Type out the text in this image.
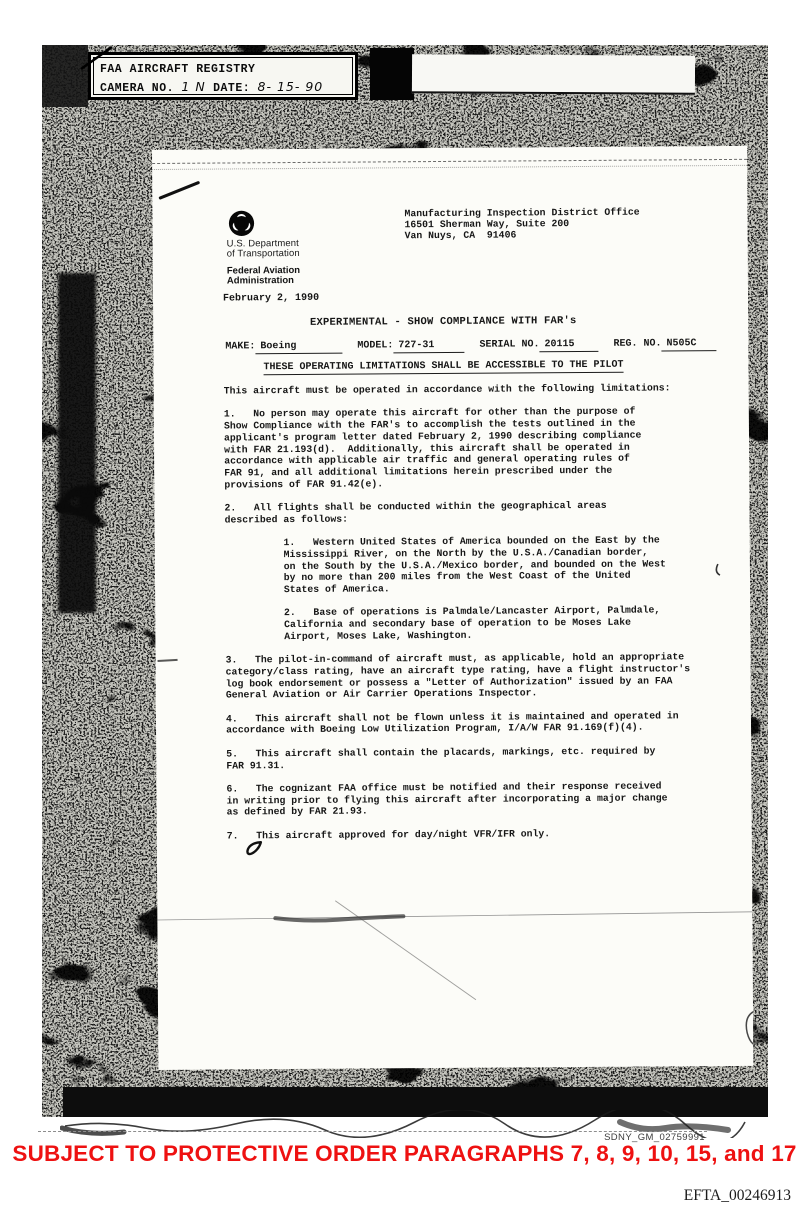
FAA AIRCRAFT REGISTRY
CAMERA NO. 1 N DATE: 8- 15- 90
U.S. Department
of Transportation
Federal Aviation
Administration
Manufacturing Inspection District Office
16501 Sherman Way, Suite 200
Van Nuys, CA  91406
February 2, 1990
EXPERIMENTAL - SHOW COMPLIANCE WITH FAR's
MAKE: Boeing	MODEL: 727-31	SERIAL NO. 20115	REG. NO. N505C
THESE OPERATING LIMITATIONS SHALL BE ACCESSIBLE TO THE PILOT
This aircraft must be operated in accordance with the following limitations:

1.   No person may operate this aircraft for other than the purpose of
Show Compliance with the FAR's to accomplish the tests outlined in the
applicant's program letter dated February 2, 1990 describing compliance
with FAR 21.193(d).  Additionally, this aircraft shall be operated in
accordance with applicable air traffic and general operating rules of
FAR 91, and all additional limitations herein prescribed under the
provisions of FAR 91.42(e).

2.   All flights shall be conducted within the geographical areas
described as follows:

1.   Western United States of America bounded on the East by the
Mississippi River, on the North by the U.S.A./Canadian border,
on the South by the U.S.A./Mexico border, and bounded on the West
by no more than 200 miles from the West Coast of the United
States of America.

2.   Base of operations is Palmdale/Lancaster Airport, Palmdale,
California and secondary base of operation to be Moses Lake
Airport, Moses Lake, Washington.

3.   The pilot-in-command of aircraft must, as applicable, hold an appropriate
category/class rating, have an aircraft type rating, have a flight instructor's
log book endorsement or possess a "Letter of Authorization" issued by an FAA
General Aviation or Air Carrier Operations Inspector.

4.   This aircraft shall not be flown unless it is maintained and operated in
accordance with Boeing Low Utilization Program, I/A/W FAR 91.169(f)(4).

5.   This aircraft shall contain the placards, markings, etc. required by
FAR 91.31.

6.   The cognizant FAA office must be notified and their response received
in writing prior to flying this aircraft after incorporating a major change
as defined by FAR 21.93.

7.   This aircraft approved for day/night VFR/IFR only.
SDNY_GM_02759991
SUBJECT TO PROTECTIVE ORDER PARAGRAPHS 7, 8, 9, 10, 15, and 17
EFTA_00246913
